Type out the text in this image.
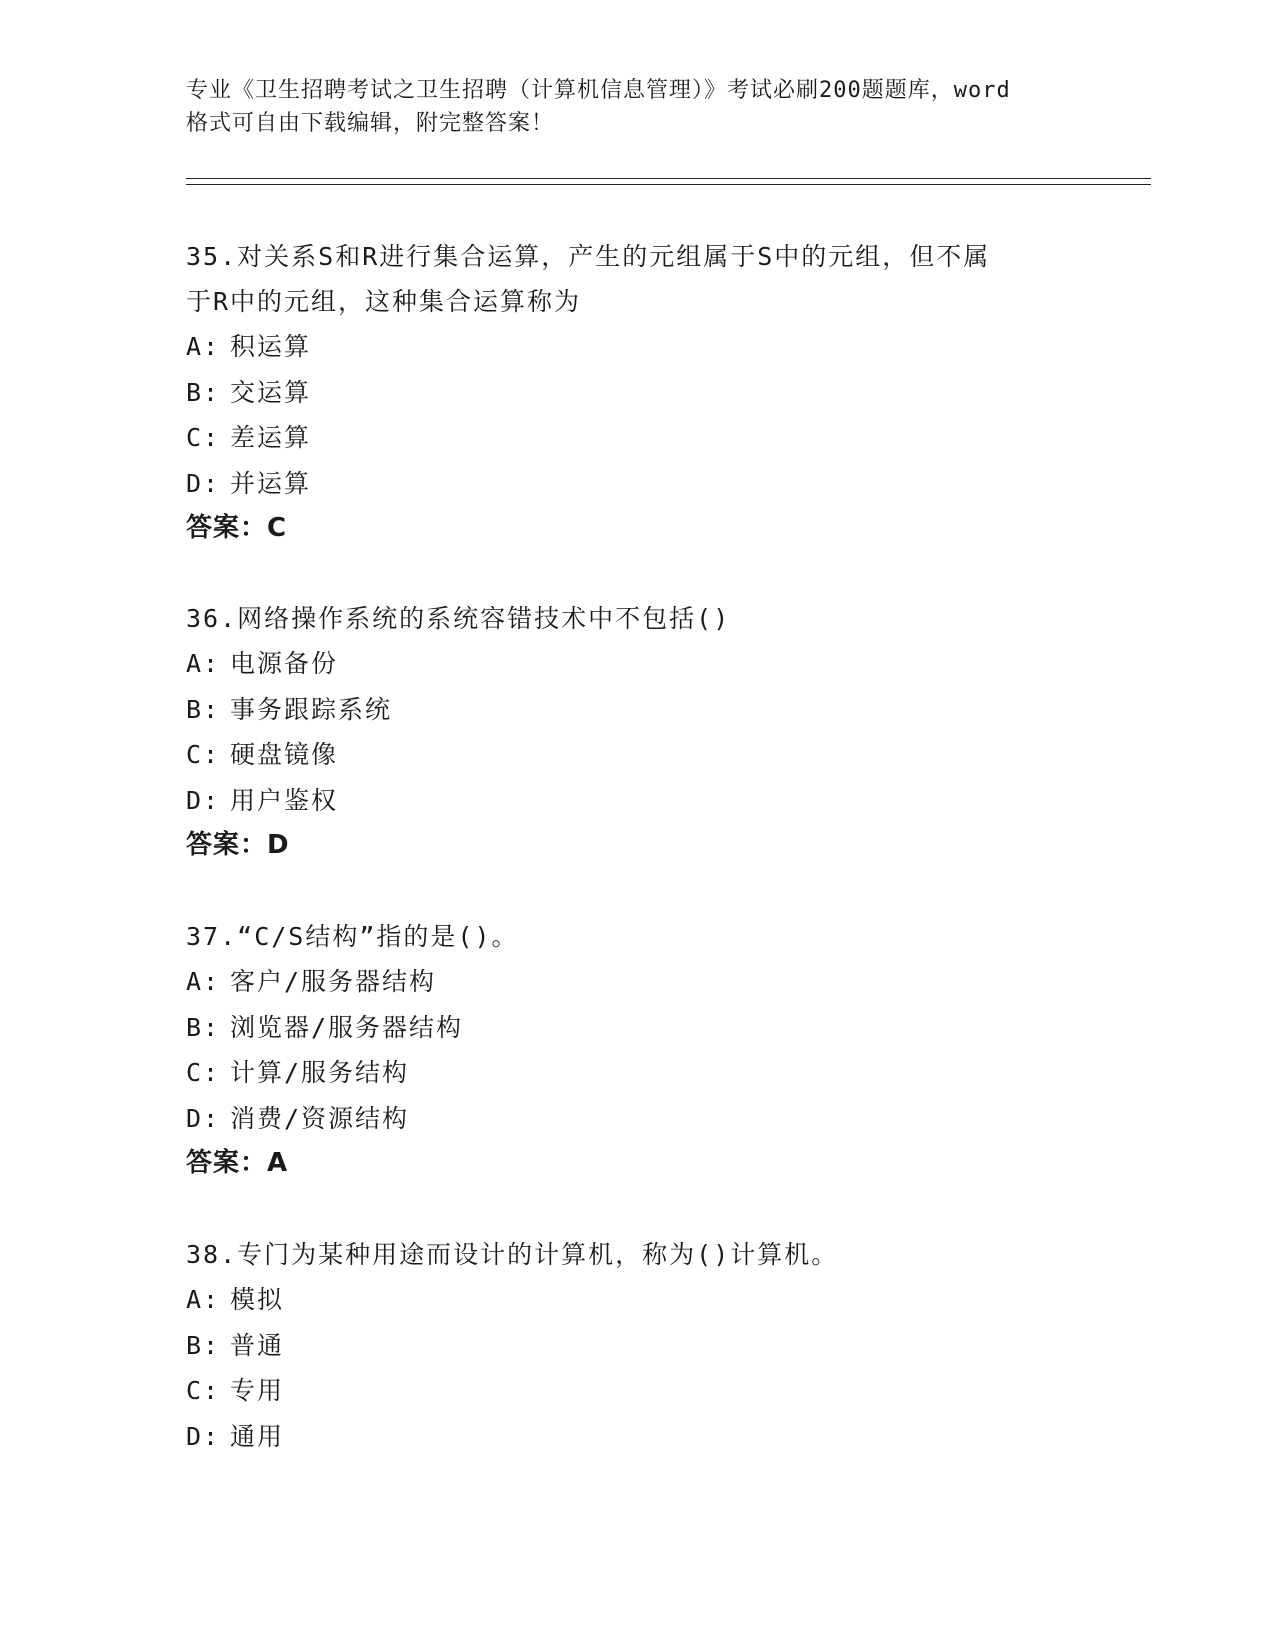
专业《卫生招聘考试之卫生招聘（计算机信息管理）》考试必刷200题题库，word
格式可自由下载编辑，附完整答案！
35.对关系S和R进行集合运算，产生的元组属于S中的元组，但不属
于R中的元组，这种集合运算称为
A: 积运算
B: 交运算
C: 差运算
D: 并运算
答案：C
36.网络操作系统的系统容错技术中不包括()
A: 电源备份
B: 事务跟踪系统
C: 硬盘镜像
D: 用户鉴权
答案：D
37.“C/S结构”指的是()。
A: 客户/服务器结构
B: 浏览器/服务器结构
C: 计算/服务结构
D: 消费/资源结构
答案：A
38.专门为某种用途而设计的计算机，称为()计算机。
A: 模拟
B: 普通
C: 专用
D: 通用
